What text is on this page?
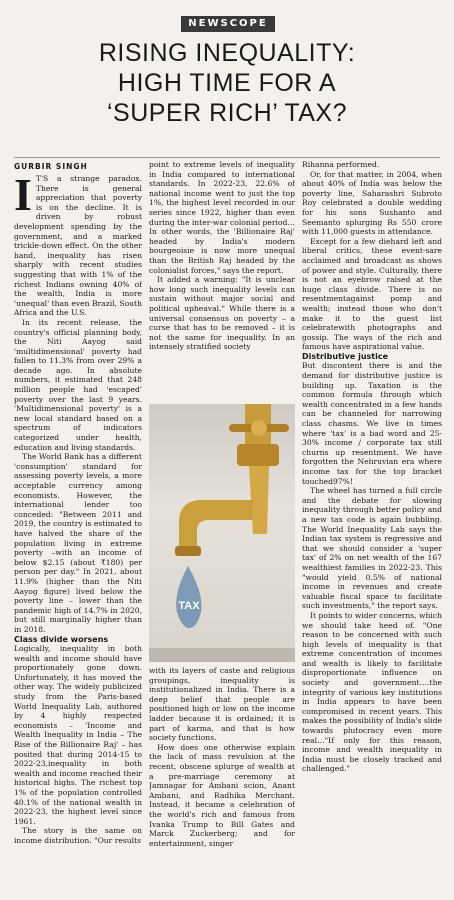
NEWSCOPE
RISING INEQUALITY:
HIGH TIME FOR A
‘SUPER RICH’ TAX?
GURBIR SINGH

I T'S a strange paradox. There is general appreciation that poverty is on the decline. It is driven by robust development spending by the government, and a marked trickle-down effect. On the other hand, inequality has risen sharply with recent studies suggesting that with 1% of the richest Indians owning 40% of the wealth, India is more 'unequal' than even Brazil, South Africa and the U.S.

In its recent release, the country's official planning body, the Niti Aayog said 'multidimensional' poverty had fallen to 11.3% from over 29% a decade ago. In absolute numbers, it estimated that 248 million people had 'escaped' poverty over the last 9 years. 'Multidimensional poverty' is a new local standard based on a spectrum of indicators categorized under health, education and living standards.

The World Bank has a different 'consumption' standard for assessing poverty levels, a more acceptable currency among economists. However, the international lender too conceded: "Between 2011 and 2019, the country is estimated to have halved the share of the population living in extreme poverty –with an income of below $2.15 (about ₹180) per person per day." In 2021, about 11.9% (higher than the Niti Aayog figure) lived below the poverty line – lower than the pandemic high of 14.7% in 2020, but still marginally higher than in 2018.

Class divide worsens

Logically, inequality in both wealth and income should have proportionately gone down. Unfortunately, it has moved the other way. The widely publicized study from the Paris-based World Inequality Lab, authored by 4 highly respected economists – 'Income and Wealth Inequality in India – The Rise of the Billionaire Raj' – has posited that during 2014-15 to 2022-23,inequality in both wealth and income reached their historical highs. The richest top 1% of the population controlled 40.1% of the national wealth in 2022-23, the highest level since 1961.

The story is the same on income distribution. "Our results

point to extreme levels of inequality in India compared to international standards. In 2022-23, 22.6% of national income went to just the top 1%, the highest level recorded in our series since 1922, higher than even during the inter-war colonial period…In other words, the 'Billionaire Raj' headed by India's modern bourgeoisie is now more unequal than the British Raj headed by the colonialist forces," says the report.

It added a warning: "It is unclear how long such inequality levels can sustain without major social and political upheaval." While there is a universal consensus on poverty – a curse that has to be removed – it is not the same for inequality. In an intensely stratified society

TAX

with its layers of caste and religious groupings, inequality is institutionalized in India. There is a deep belief that people are positioned high or low on the income ladder because it is ordained; it is part of karma, and that is how society functions.

How does one otherwise explain the lack of mass revulsion at the recent, obscene splurge of wealth at a pre-marriage ceremony at Jamnagar for Ambani scion, Anant Ambani, and Radhika Merchant. Instead, it became a celebration of the world's rich and famous from Ivanka Trump to Bill Gates and Marck Zuckerberg; and for entertainment, singer

Rihanna performed.

Or, for that matter, in 2004, when about 40% of India was below the poverty line, Saharashri Subroto Roy celebrated a double wedding for his sons Sushanto and Seemanto splurging Rs 550 crore with 11,000 guests in attendance.

Except for a few diehard left and liberal critics, these event-sare acclaimed and broadcast as shows of power and style. Culturally, there is not an eyebrow raised at the huge class divide. There is no resentmentagainst pomp and wealth; instead those who don't make it to the guest list celebratewith photographs and gossip. The ways of the rich and famous have aspirational value.

Distributive justice

But discontent there is and the demand for distributive justice is building up. Taxation is the common formula through which wealth concentrated in a few hands can be channeled for narrowing class chasms. We live in times where 'tax' is a bad word and 25-30% income / corporate tax still churns up resentment. We have forgotten the Nehruvian era where income tax for the top bracket touched97%!

The wheel has turned a full circle and the debate for slowing inequality through better policy and a new tax code is again bubbling. The World Inequality Lab says the Indian tax system is regressive and that we should consider a 'super tax' of 2% on net wealth of the 167 wealthiest families in 2022-23. This "would yield 0.5% of national income in revenues and create valuable fiscal space to facilitate such investments," the report says.

It points to wider concerns, which we should take heed of. "One reason to be concerned with such high levels of inequality is that extreme concentration of incomes and wealth is likely to facilitate disproportionate influence on society and government….the integrity of various key institutions in India appears to have been compromised in recent years. This makes the possibility of India's slide towards plutocracy even more real…"If only for this reason, income and wealth inequality in India must be closely tracked and challenged."
